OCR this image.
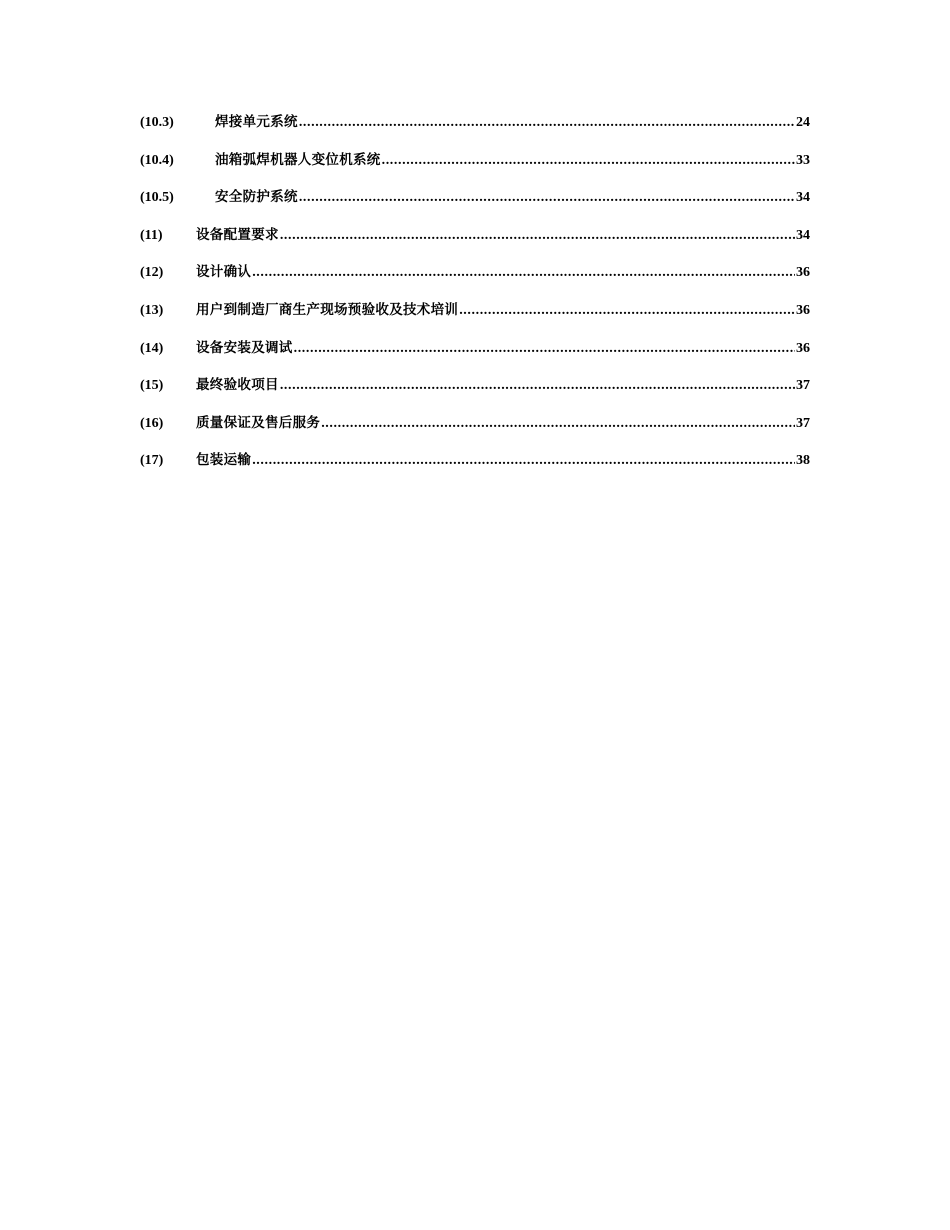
(10.3)	焊接单元系统 .....	24
(10.4)	油箱弧焊机器人变位机系统 .....	33
(10.5)	安全防护系统 .....	34
(11)	设备配置要求 .....	34
(12)	设计确认 .....	36
(13)	用户到制造厂商生产现场预验收及技术培训 .....	36
(14)	设备安装及调试 .....	36
(15)	最终验收项目 .....	37
(16)	质量保证及售后服务 .....	37
(17)	包装运输 .....	38
